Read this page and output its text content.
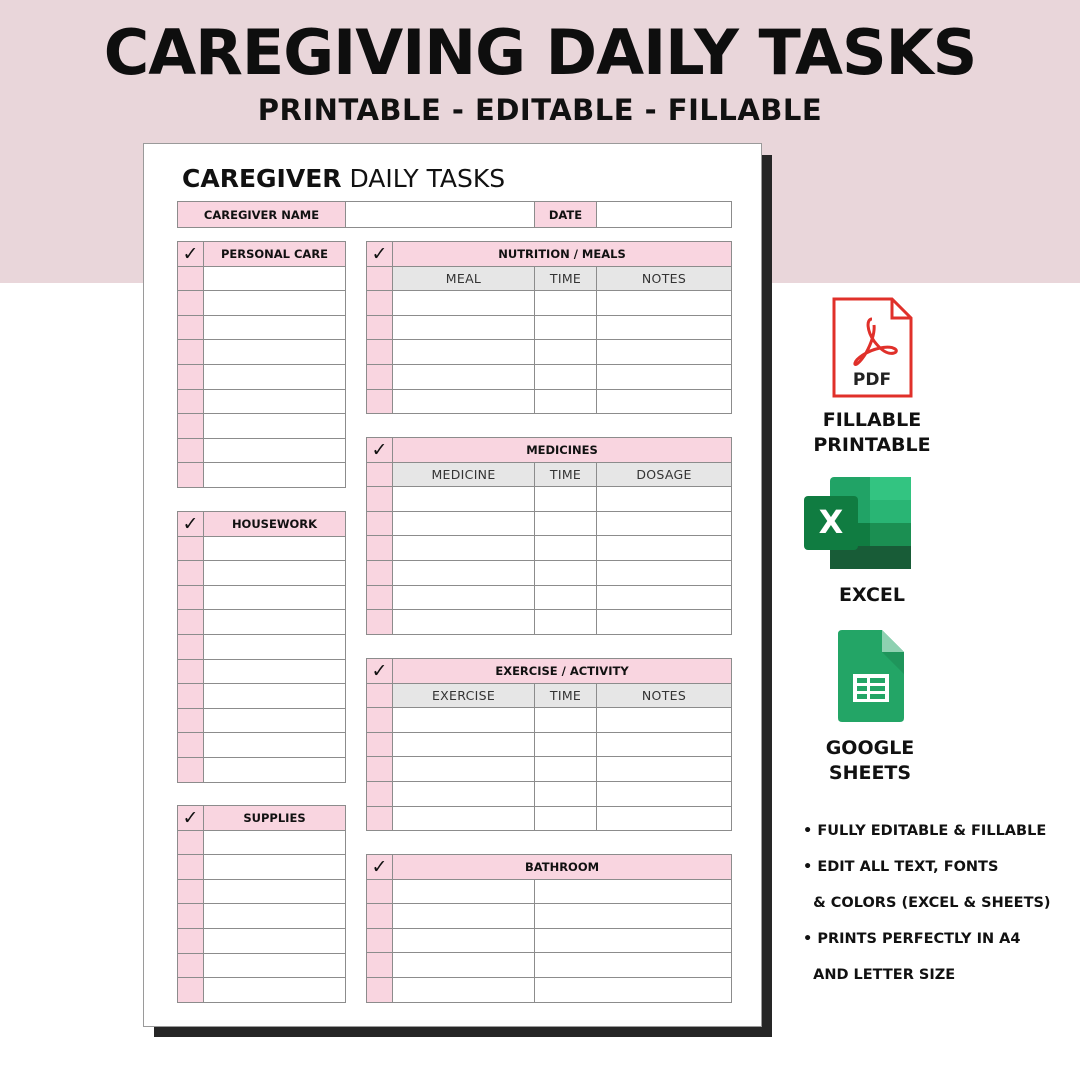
CAREGIVING DAILY TASKS
PRINTABLE - EDITABLE - FILLABLE
CAREGIVER DAILY TASKS
CAREGIVER NAME	DATE
✓	PERSONAL CARE
✓	HOUSEWORK
✓	SUPPLIES
✓	NUTRITION / MEALS
MEAL	TIME	NOTES
✓	MEDICINES
MEDICINE	TIME	DOSAGE
✓	EXERCISE / ACTIVITY
EXERCISE	TIME	NOTES
✓	BATHROOM
PDF
FILLABLE
PRINTABLE
X
EXCEL
GOOGLE
SHEETS
• FULLY EDITABLE & FILLABLE
• EDIT ALL TEXT, FONTS
& COLORS (EXCEL & SHEETS)
• PRINTS PERFECTLY IN A4
AND LETTER SIZE
